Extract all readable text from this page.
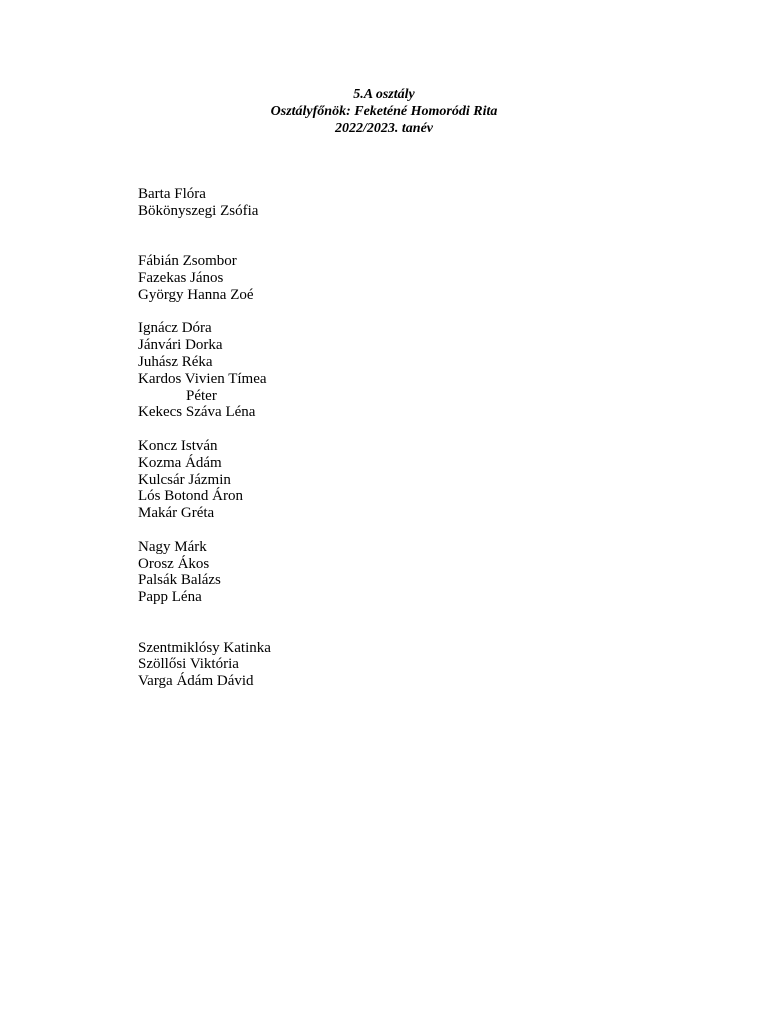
5.A osztály
Osztályfőnök: Feketéné Homoródi Rita
2022/2023. tanév
Barta Flóra
Bökönyszegi Zsófia
Fábián Zsombor
Fazekas János
György Hanna Zoé
Ignácz Dóra
Jánvári Dorka
Juhász Réka
Kardos Vivien Tímea
Péter
Kekecs Száva Léna
Koncz István
Kozma Ádám
Kulcsár Jázmin
Lós Botond Áron
Makár Gréta
Nagy Márk
Orosz Ákos
Palsák Balázs
Papp Léna
Szentmiklósy Katinka
Szöllősi Viktória
Varga Ádám Dávid
